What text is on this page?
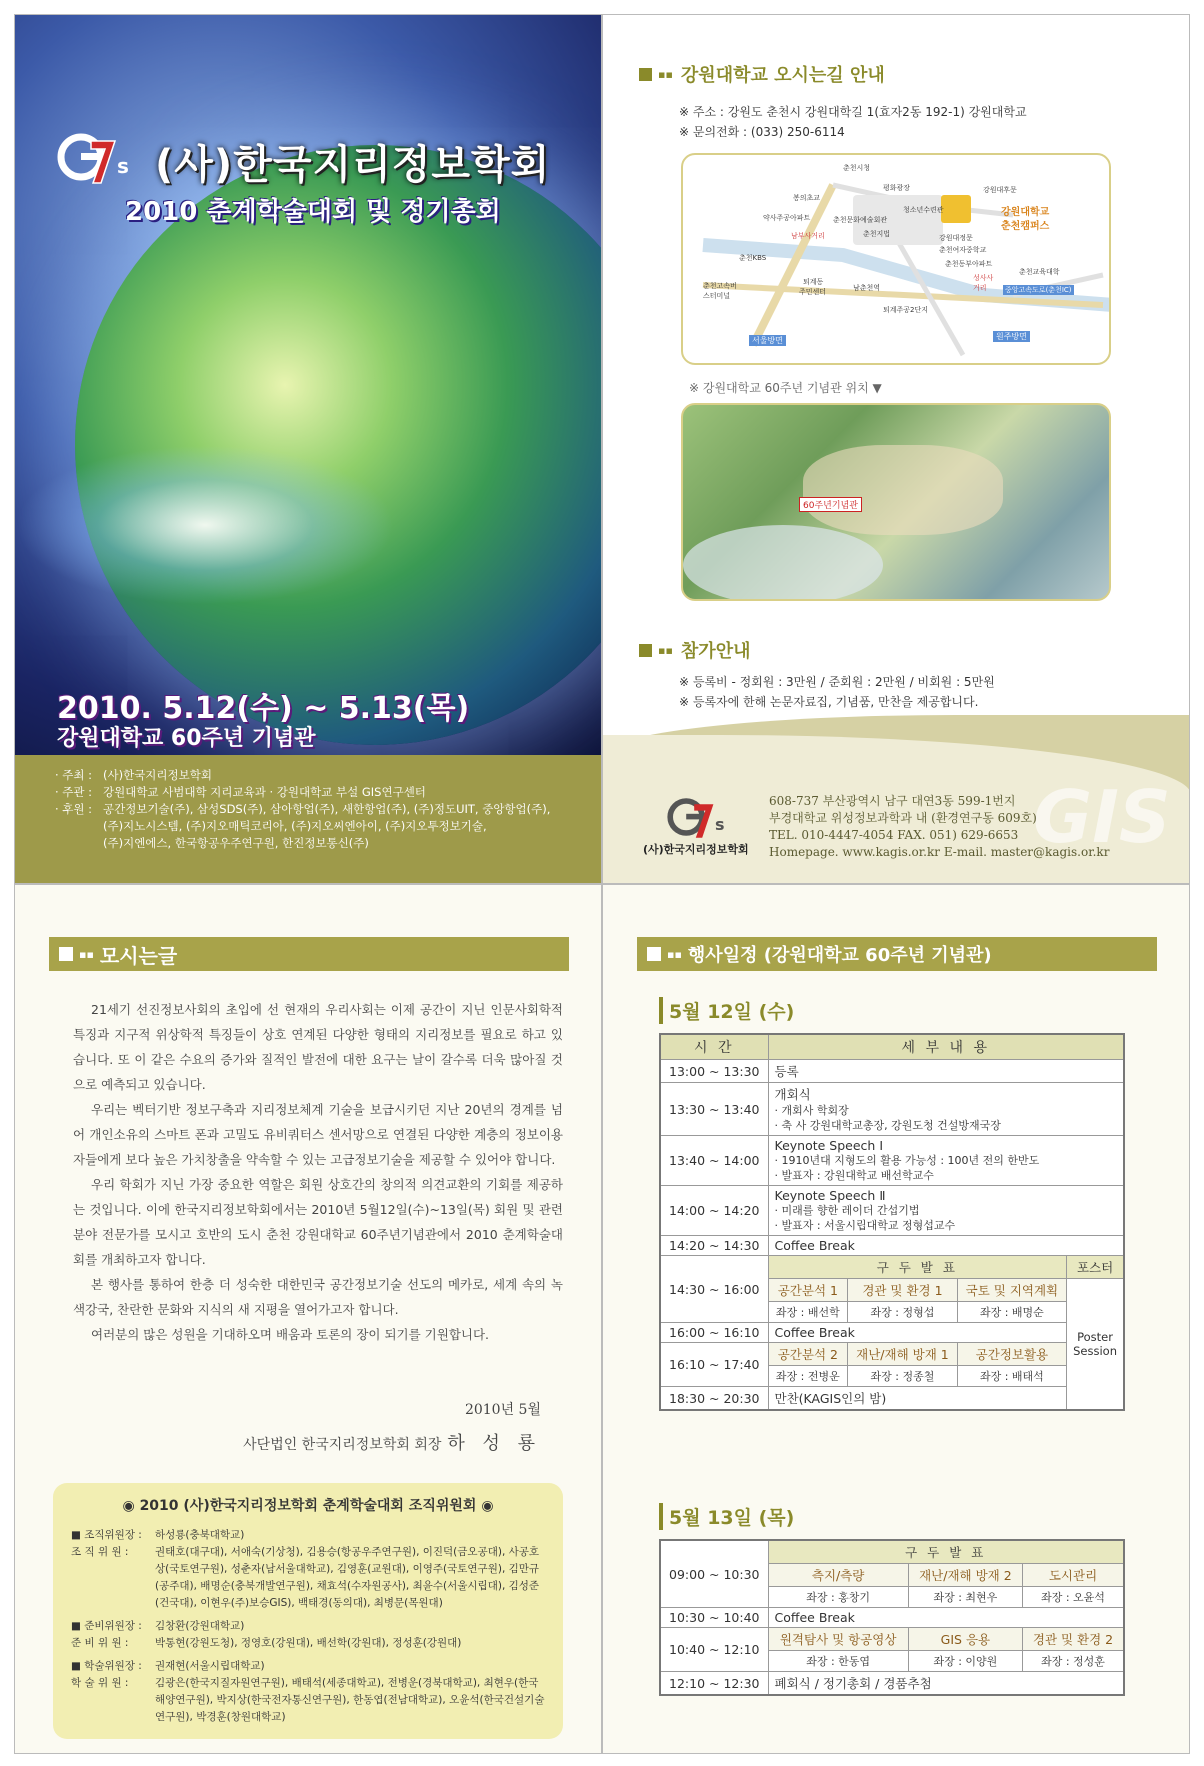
s (사)한국지리정보학회
2010 춘계학술대회 및 정기총회
2010. 5.12(수) ~ 5.13(목)
강원대학교 60주년 기념관
· 주최 : (사)한국지리정보학회
· 주관 : 강원대학교 사범대학 지리교육과 · 강원대학교 부설 GIS연구센터
· 후원 : 공간정보기술(주), 삼성SDS(주), 삼아항업(주), 새한항업(주), (주)정도UIT, 중앙항업(주),
(주)지노시스템, (주)지오매틱코리아, (주)지오씨엔아이, (주)지오투정보기술,
(주)지엔에스, 한국항공우주연구원, 한진정보통신(주)
▪▪ 강원대학교 오시는길 안내
※ 주소 : 강원도 춘천시 강원대학길 1(효자2동 192-1) 강원대학교
※ 문의전화 : (033) 250-6114
춘천시청
평화광장	강원대후문
봉의초교
청소년수련관	강원대학교
춘천캠퍼스
약사주공아파트
남부사거리
춘천문화예술회관
춘천지법	강원대정문
춘천여자중학교
춘천KBS
춘천동부아파트
퇴계동
춘천고속버스터미널	주민센터	남춘천역
성사사거리
춘천교육대학
중앙고속도로(춘천IC)
퇴계주공2단지
서울방면	원주방면
※ 강원대학교 60주년 기념관 위치 ▼
60주년기념관
▪▪ 참가안내
※ 등록비 - 정회원 : 3만원 / 준회원 : 2만원 / 비회원 : 5만원
※ 등록자에 한해 논문자료집, 기념품, 만찬을 제공합니다.
GIS
s
(사)한국지리정보학회
608-737 부산광역시 남구 대연3동 599-1번지
부경대학교 위성정보과학과 내 (환경연구동 609호)
TEL. 010-4447-4054 FAX. 051) 629-6653
Homepage. www.kagis.or.kr E-mail. master@kagis.or.kr
▪▪ 모시는글

21세기 선진정보사회의 초입에 선 현재의 우리사회는 이제 공간이 지닌 인문사회학적 특징과 지구적 위상학적 특징들이 상호 연계된 다양한 형태의 지리정보를 필요로 하고 있습니다. 또 이 같은 수요의 증가와 질적인 발전에 대한 요구는 날이 갈수록 더욱 많아질 것으로 예측되고 있습니다.

우리는 벡터기반 정보구축과 지리정보체계 기술을 보급시키던 지난 20년의 경계를 넘어 개인소유의 스마트 폰과 고밀도 유비쿼터스 센서망으로 연결된 다양한 계층의 정보이용자들에게 보다 높은 가치창출을 약속할 수 있는 고급정보기술을 제공할 수 있어야 합니다.

우리 학회가 지닌 가장 중요한 역할은 회원 상호간의 창의적 의견교환의 기회를 제공하는 것입니다. 이에 한국지리정보학회에서는 2010년 5월12일(수)~13일(목) 회원 및 관련분야 전문가를 모시고 호반의 도시 춘천 강원대학교 60주년기념관에서 2010 춘계학술대회를 개최하고자 합니다.

본 행사를 통하여 한층 더 성숙한 대한민국 공간정보기술 선도의 메카로, 세계 속의 녹색강국, 찬란한 문화와 지식의 새 지평을 열어가고자 합니다.

여러분의 많은 성원을 기대하오며 배움과 토론의 장이 되기를 기원합니다.

2010년 5월
사단법인 한국지리정보학회 회장 하 성 룡
◉ 2010 (사)한국지리정보학회 춘계학술대회 조직위원회 ◉
■ 조직위원장 :	하성룡(충북대학교)
조 직 위 원 :	권태호(대구대), 서애숙(기상청), 김용승(항공우주연구원), 이진덕(금오공대), 사공호상(국토연구원), 성춘자(남서울대학교), 김영훈(교원대), 이영주(국토연구원), 김만규(공주대), 배명순(충북개발연구원), 채효석(수자원공사), 최윤수(서울시립대), 김성준(건국대), 이현우(주)보승GIS), 백태경(동의대), 최병문(목원대)
■ 준비위원장 :	김창환(강원대학교)
준 비 위 원 :	박통현(강원도청), 정영호(강원대), 배선학(강원대), 정성훈(강원대)
■ 학술위원장 :	권재현(서울시립대학교)
학 술 위 원 :	김광은(한국지질자원연구원), 배태석(세종대학교), 전병운(경북대학교), 최현우(한국해양연구원), 박지상(한국전자통신연구원), 한동엽(전남대학교), 오윤석(한국건설기술연구원), 박경훈(창원대학교)
▪▪ 행사일정 (강원대학교 60주년 기념관)
5월 12일 (수)
시 간	세 부 내 용			
13:00 ~ 13:30	등록			
13:30 ~ 13:40	개회식
· 개회사 학회장
· 축 사 강원대학교총장, 강원도청 건설방재국장			

13:40 ~ 14:00	Keynote Speech Ⅰ
· 1910년대 지형도의 활용 가능성 : 100년 전의 한반도
· 발표자 : 강원대학교 배선학교수			

14:00 ~ 14:20	Keynote Speech Ⅱ
· 미래를 향한 레이더 간섭기법
· 발표자 : 서울시립대학교 정형섭교수			

14:20 ~ 14:30	Coffee Break			
14:30 ~ 16:00	구 두 발 표			포스터
	공간분석 1	경관 및 환경 1	국토 및 지역계획	Poster Session
	좌장 : 배선학	좌장 : 정형섭	좌장 : 배명순	
16:00 ~ 16:10	Coffee Break			
16:10 ~ 17:40	공간분석 2	재난/재해 방재 1	공간정보활용	
	좌장 : 전병운	좌장 : 정종철	좌장 : 배태석	
18:30 ~ 20:30	만찬(KAGIS인의 밤)			
5월 13일 (목)
09:00 ~ 10:30	구 두 발 표		
	측지/측량	재난/재해 방재 2	도시관리
	좌장 : 홍창기	좌장 : 최현우	좌장 : 오윤석
10:30 ~ 10:40	Coffee Break		
10:40 ~ 12:10	원격탐사 및 항공영상	GIS 응용	경관 및 환경 2
	좌장 : 한동엽	좌장 : 이양원	좌장 : 정성훈
12:10 ~ 12:30	폐회식 / 정기총회 / 경품추첨		
